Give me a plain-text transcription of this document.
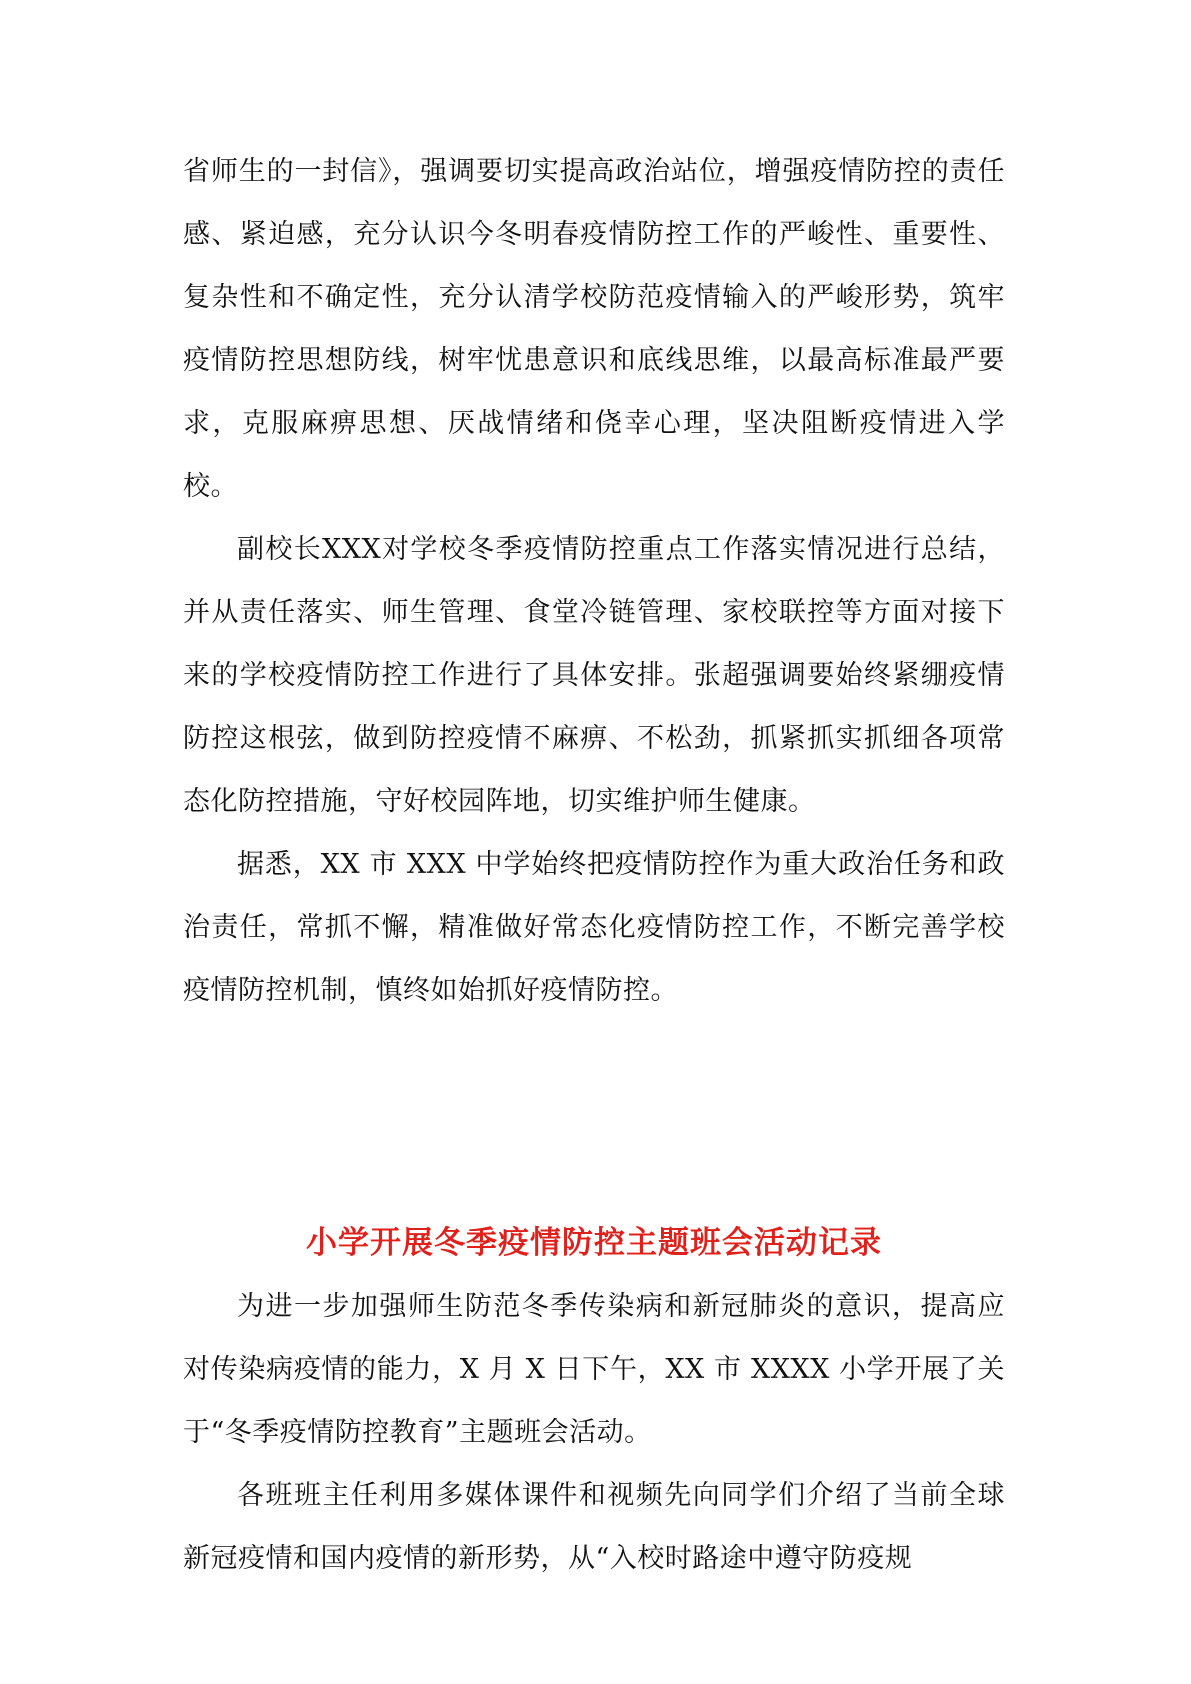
省师生的一封信》，强调要切实提高政治站位，增强疫情防控的责任感、紧迫感，充分认识今冬明春疫情防控工作的严峻性、重要性、复杂性和不确定性，充分认清学校防范疫情输入的严峻形势，筑牢疫情防控思想防线，树牢忧患意识和底线思维，以最高标准最严要求，克服麻痹思想、厌战情绪和侥幸心理，坚决阻断疫情进入学校。

副校长XXX对学校冬季疫情防控重点工作落实情况进行总结，并从责任落实、师生管理、食堂冷链管理、家校联控等方面对接下来的学校疫情防控工作进行了具体安排。张超强调要始终紧绷疫情防控这根弦，做到防控疫情不麻痹、不松劲，抓紧抓实抓细各项常态化防控措施，守好校园阵地，切实维护师生健康。

据悉，XX 市 XXX 中学始终把疫情防控作为重大政治任务和政治责任，常抓不懈，精准做好常态化疫情防控工作，不断完善学校疫情防控机制，慎终如始抓好疫情防控。

小学开展冬季疫情防控主题班会活动记录

为进一步加强师生防范冬季传染病和新冠肺炎的意识，提高应对传染病疫情的能力，X 月 X 日下午，XX 市 XXXX 小学开展了关于“冬季疫情防控教育”主题班会活动。

各班班主任利用多媒体课件和视频先向同学们介绍了当前全球新冠疫情和国内疫情的新形势，从“入校时路途中遵守防疫规
